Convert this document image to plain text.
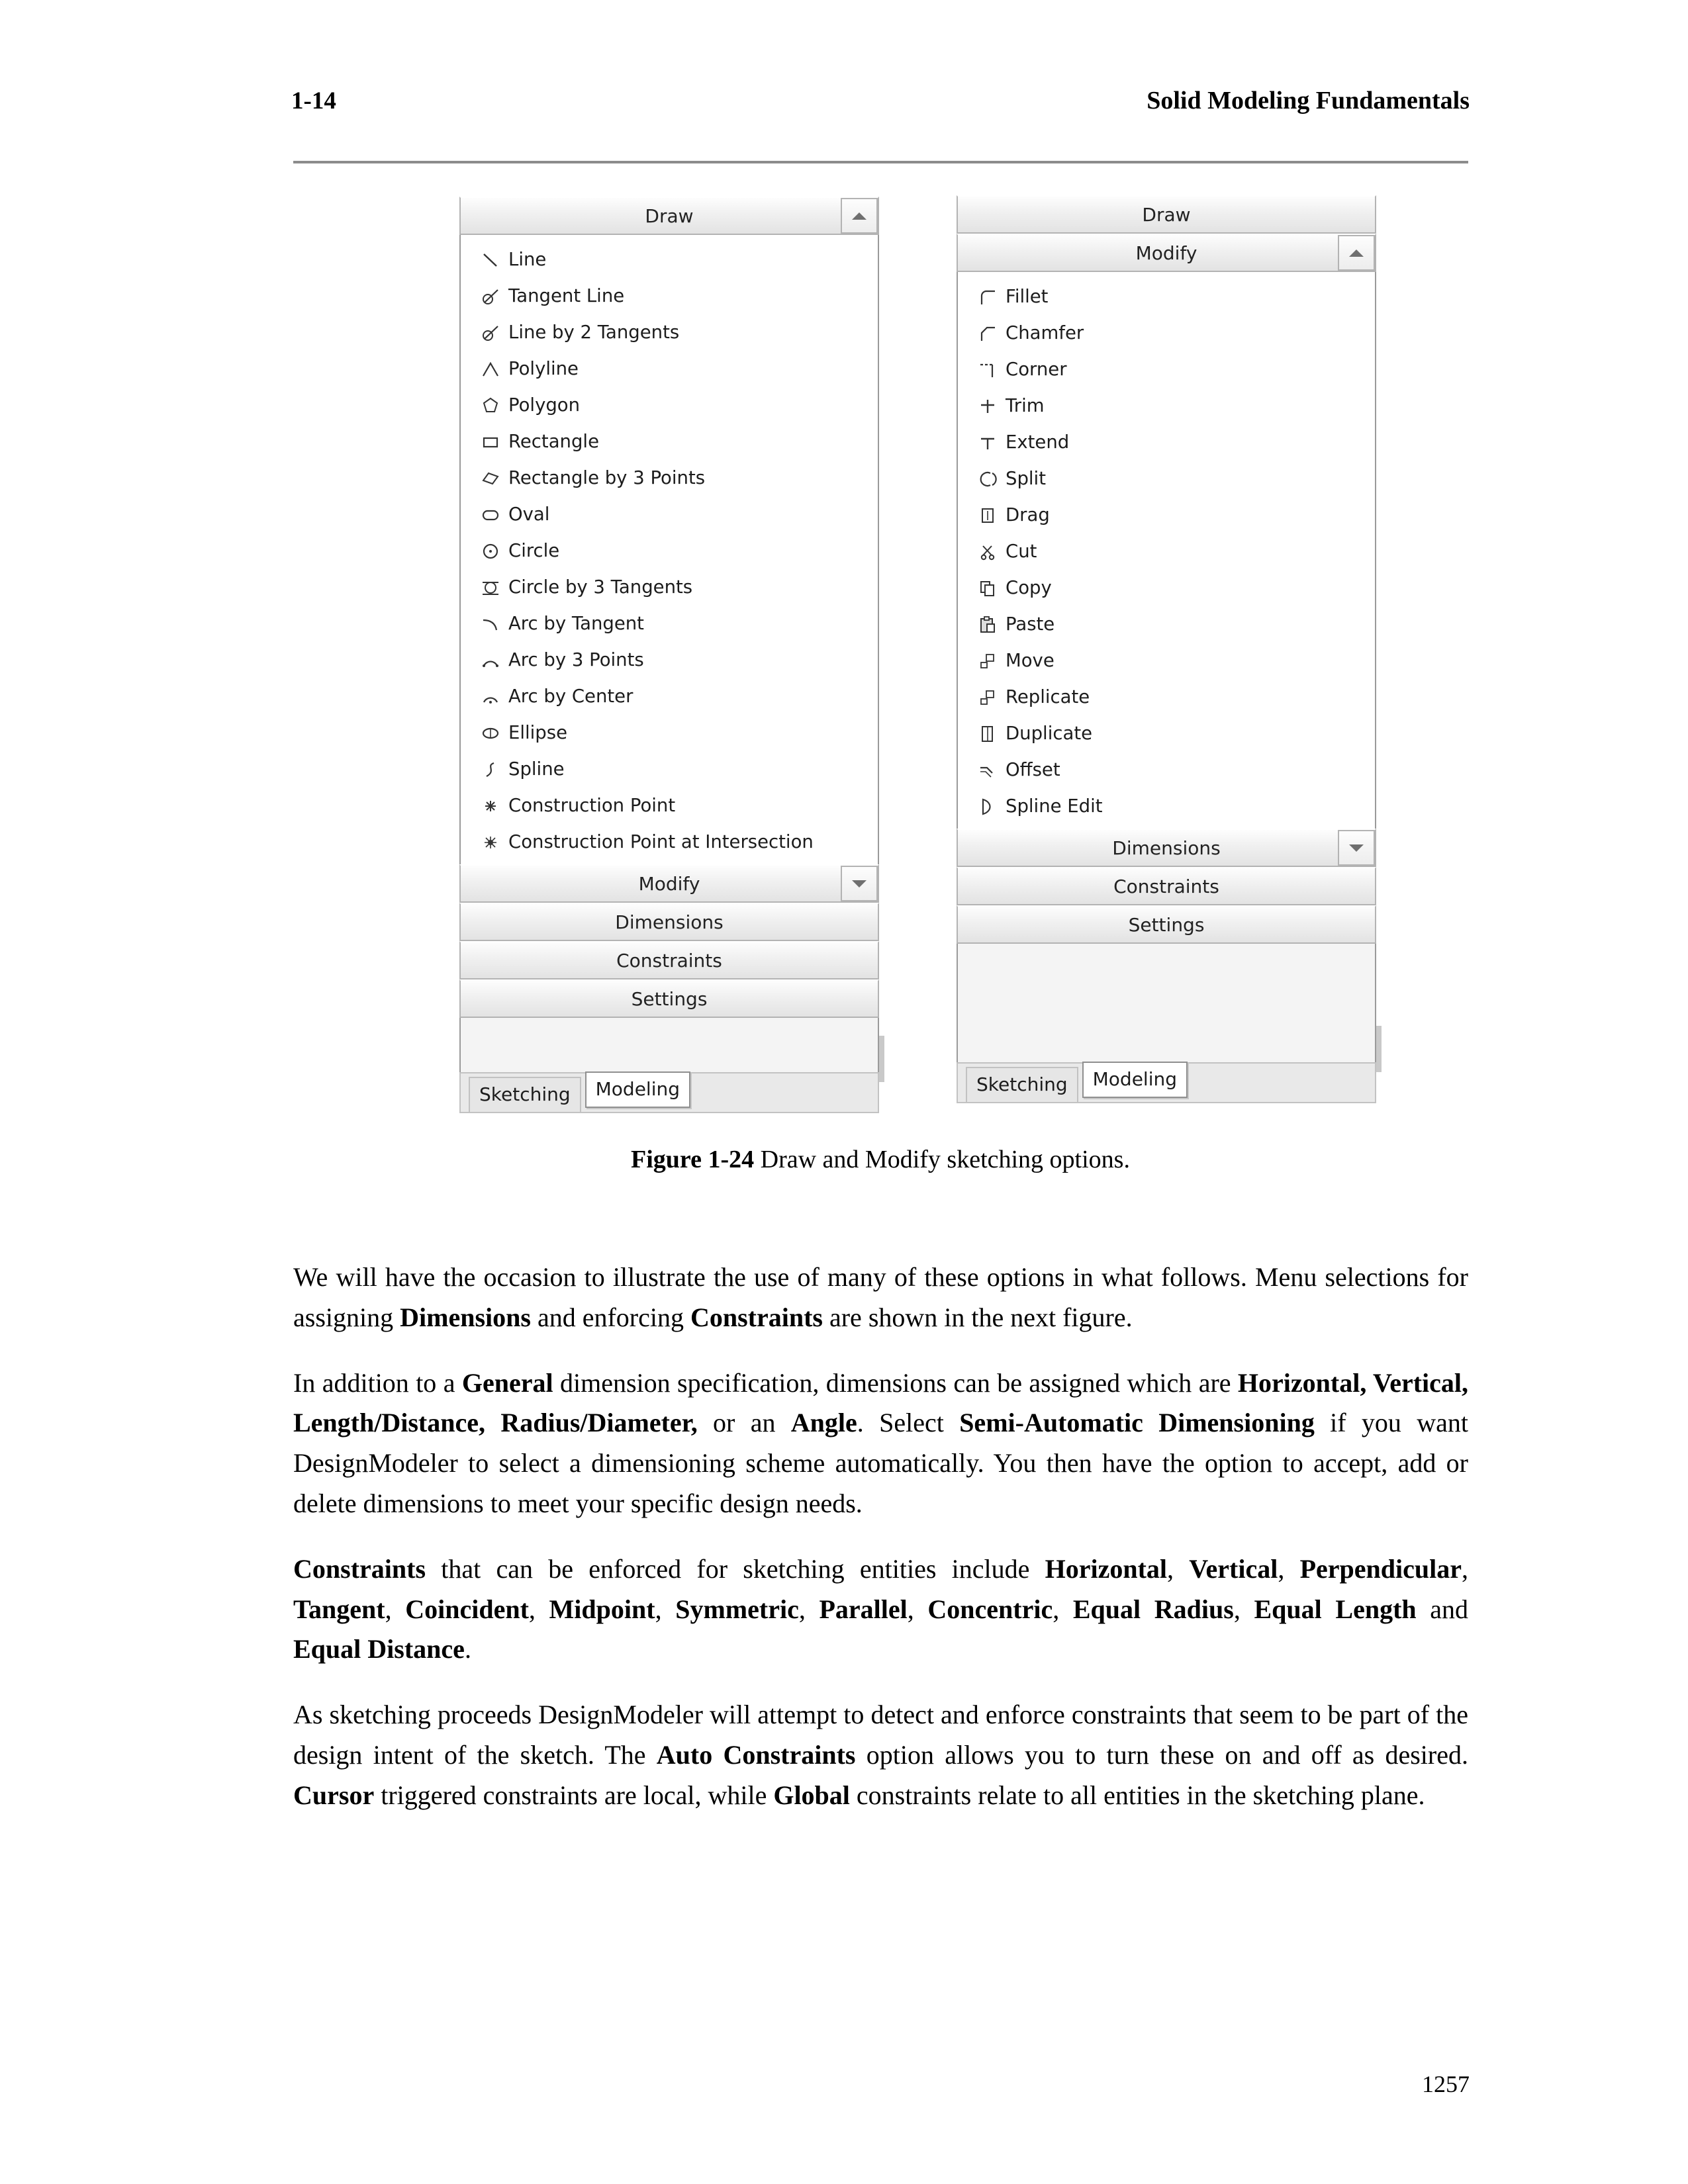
1-14	Solid Modeling Fundamentals
Draw
Line
Tangent Line
Line by 2 Tangents
Polyline
Polygon
Rectangle
Rectangle by 3 Points
Oval
Circle
Circle by 3 Tangents
Arc by Tangent
Arc by 3 Points
Arc by Center
Ellipse
Spline
Construction Point
Construction Point at Intersection
Modify
Dimensions
Constraints
Settings
Sketching	Modeling
Draw
Modify
Fillet
Chamfer
Corner
Trim
Extend
Split
Drag
Cut
Copy
Paste
Move
Replicate
Duplicate
Offset
Spline Edit
Dimensions
Constraints
Settings
Sketching	Modeling
Figure 1-24 Draw and Modify sketching options.

We will have the occasion to illustrate the use of many of these options in what follows. Menu selections for assigning Dimensions and enforcing Constraints are shown in the next figure.

In addition to a General dimension specification, dimensions can be assigned which are Horizontal, Vertical, Length/Distance, Radius/Diameter, or an Angle. Select Semi-Automatic Dimensioning if you want DesignModeler to select a dimensioning scheme automatically. You then have the option to accept, add or delete dimensions to meet your specific design needs.

Constraints that can be enforced for sketching entities include Horizontal, Vertical, Perpendicular, Tangent, Coincident, Midpoint, Symmetric, Parallel, Concentric, Equal Radius, Equal Length and Equal Distance.

As sketching proceeds DesignModeler will attempt to detect and enforce constraints that seem to be part of the design intent of the sketch. The Auto Constraints option allows you to turn these on and off as desired. Cursor triggered constraints are local, while Global constraints relate to all entities in the sketching plane.

1257
